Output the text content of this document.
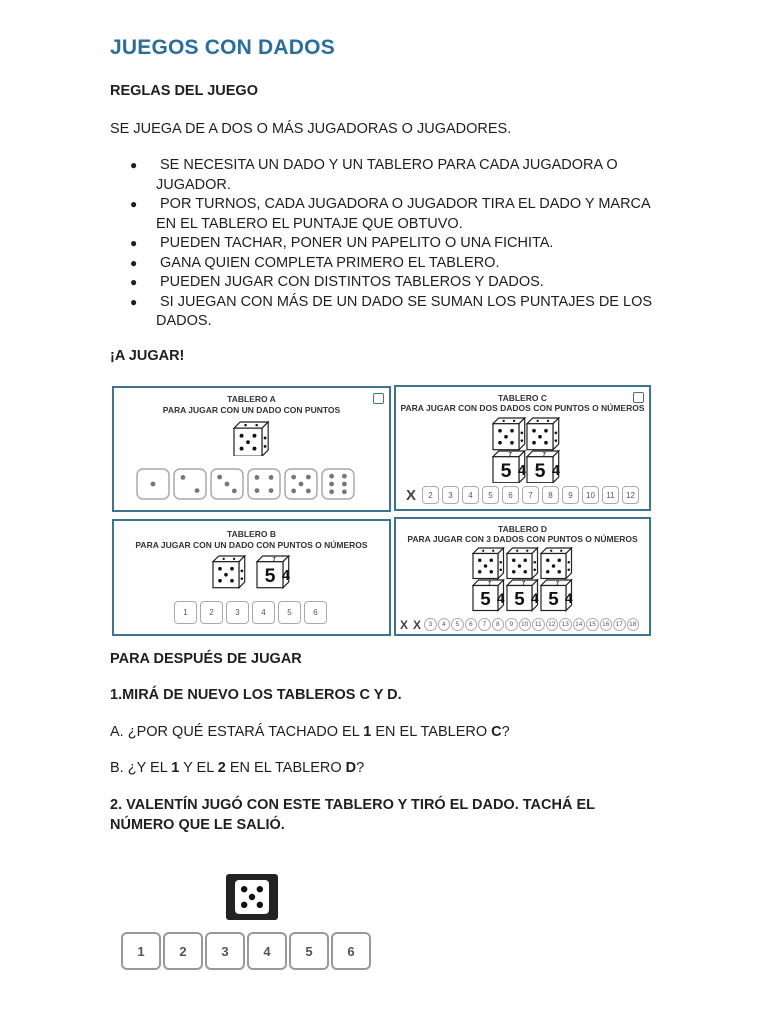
JUEGOS CON DADOS
REGLAS DEL JUEGO
SE JUEGA DE A DOS O MÁS JUGADORAS O JUGADORES.
● SE NECESITA UN DADO Y UN TABLERO PARA CADA JUGADORA O JUGADOR.
● POR TURNOS, CADA JUGADORA O JUGADOR TIRA EL DADO Y MARCA EN EL TABLERO EL PUNTAJE QUE OBTUVO.
● PUEDEN TACHAR, PONER UN PAPELITO O UNA FICHITA.
● GANA QUIEN COMPLETA PRIMERO EL TABLERO.
● PUEDEN JUGAR CON DISTINTOS TABLEROS Y DADOS.
● SI JUEGAN CON MÁS DE UN DADO SE SUMAN LOS PUNTAJES DE LOS DADOS.
¡A JUGAR!
TABLERO A
PARA JUGAR CON UN DADO CON PUNTOS
TABLERO C
PARA JUGAR CON DOS DADOS CON PUNTOS O NÚMEROS
5 4
7
5 4
7
X	2	3	4	5	6	7	8	9	10	11	12
TABLERO B
PARA JUGAR CON UN DADO CON PUNTOS O NÚMEROS
5 4
7
1	2	3	4	5	6
TABLERO D
PARA JUGAR CON 3 DADOS CON PUNTOS O NÚMEROS
5 4
7
5 4
7
5 4
7
X X	3	4	5	6	7	8	9	10	11	12 13 14 15 16 17 18
PARA DESPUÉS DE JUGAR
1.MIRÁ DE NUEVO LOS TABLEROS C Y D.
A. ¿POR QUÉ ESTARÁ TACHADO EL 1 EN EL TABLERO C?
B. ¿Y EL 1 Y EL 2 EN EL TABLERO D?
2. VALENTÍN JUGÓ CON ESTE TABLERO Y TIRÓ EL DADO. TACHÁ EL NÚMERO QUE LE SALIÓ.
1	2	3	4	5	6
